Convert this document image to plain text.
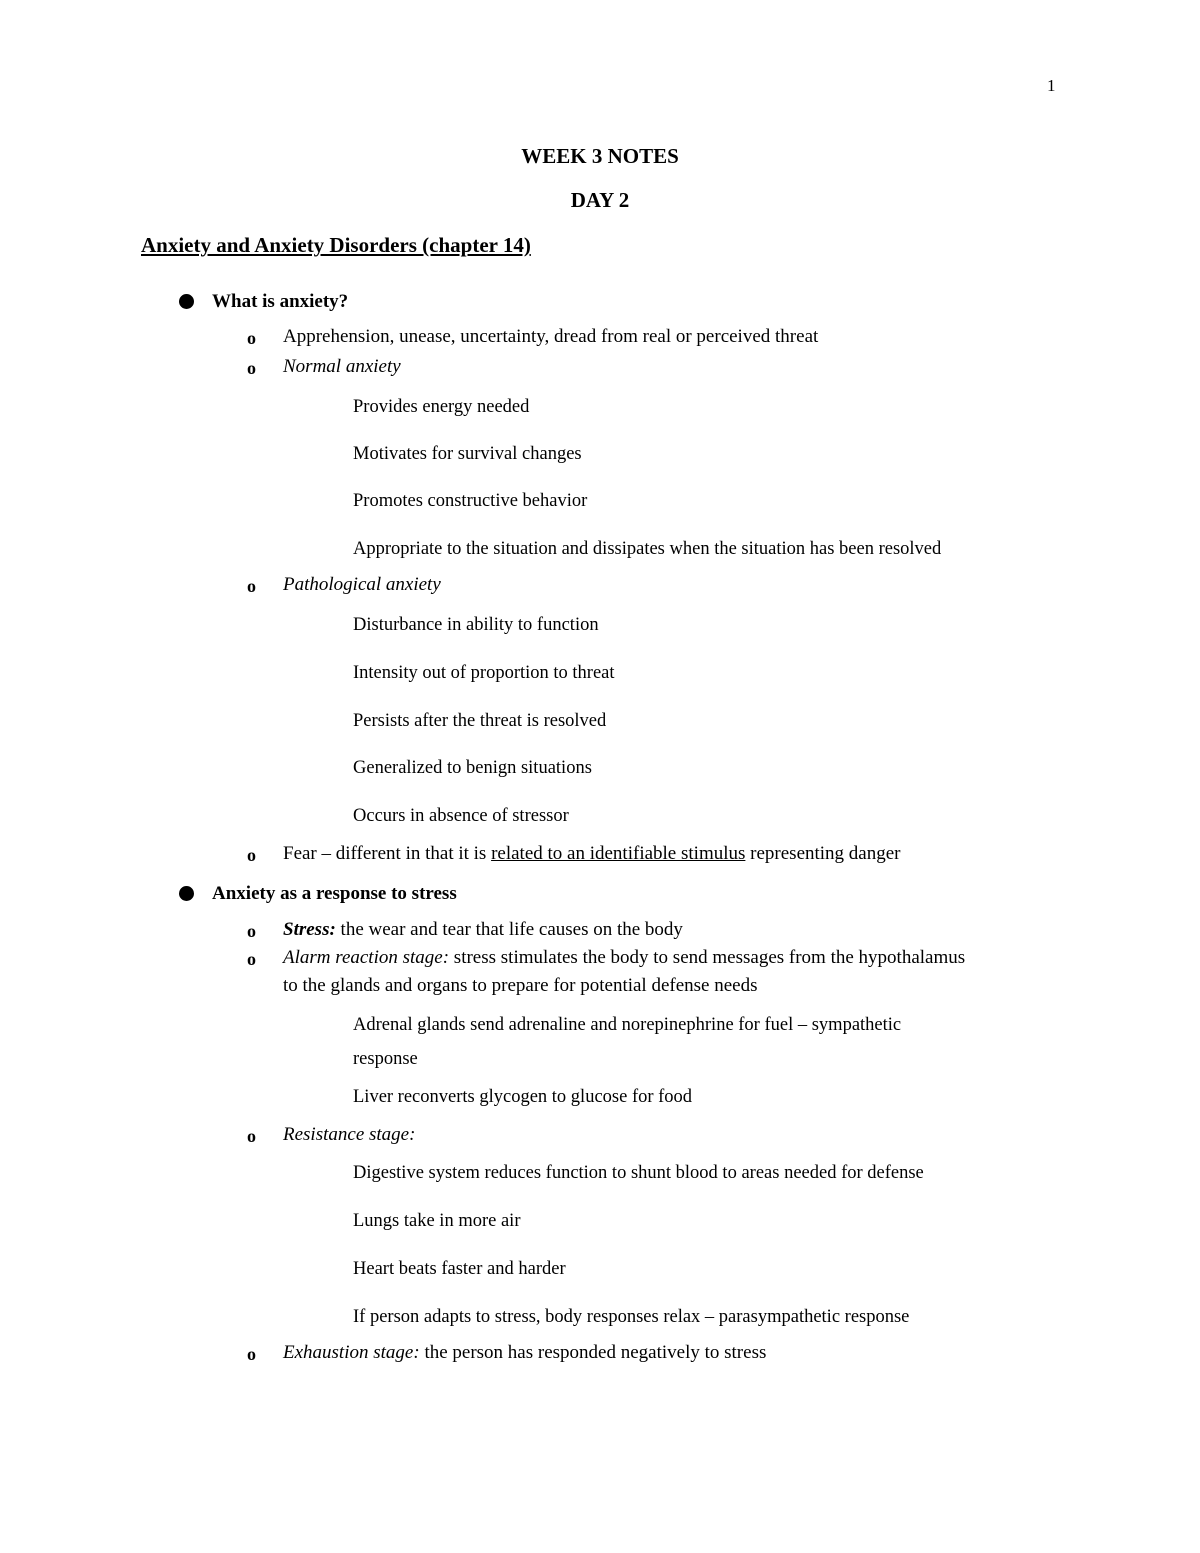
1
WEEK 3 NOTES
DAY 2
Anxiety and Anxiety Disorders (chapter 14)
What is anxiety?
o Apprehension, unease, uncertainty, dread from real or perceived threat
o Normal anxiety
Provides energy needed
Motivates for survival changes
Promotes constructive behavior
Appropriate to the situation and dissipates when the situation has been resolved
o Pathological anxiety
Disturbance in ability to function
Intensity out of proportion to threat
Persists after the threat is resolved
Generalized to benign situations
Occurs in absence of stressor
o Fear – different in that it is related to an identifiable stimulus representing danger
Anxiety as a response to stress
o Stress: the wear and tear that life causes on the body
o Alarm reaction stage: stress stimulates the body to send messages from the hypothalamus
to the glands and organs to prepare for potential defense needs
Adrenal glands send adrenaline and norepinephrine for fuel – sympathetic
response
Liver reconverts glycogen to glucose for food
o Resistance stage:
Digestive system reduces function to shunt blood to areas needed for defense
Lungs take in more air
Heart beats faster and harder
If person adapts to stress, body responses relax – parasympathetic response
o Exhaustion stage: the person has responded negatively to stress
